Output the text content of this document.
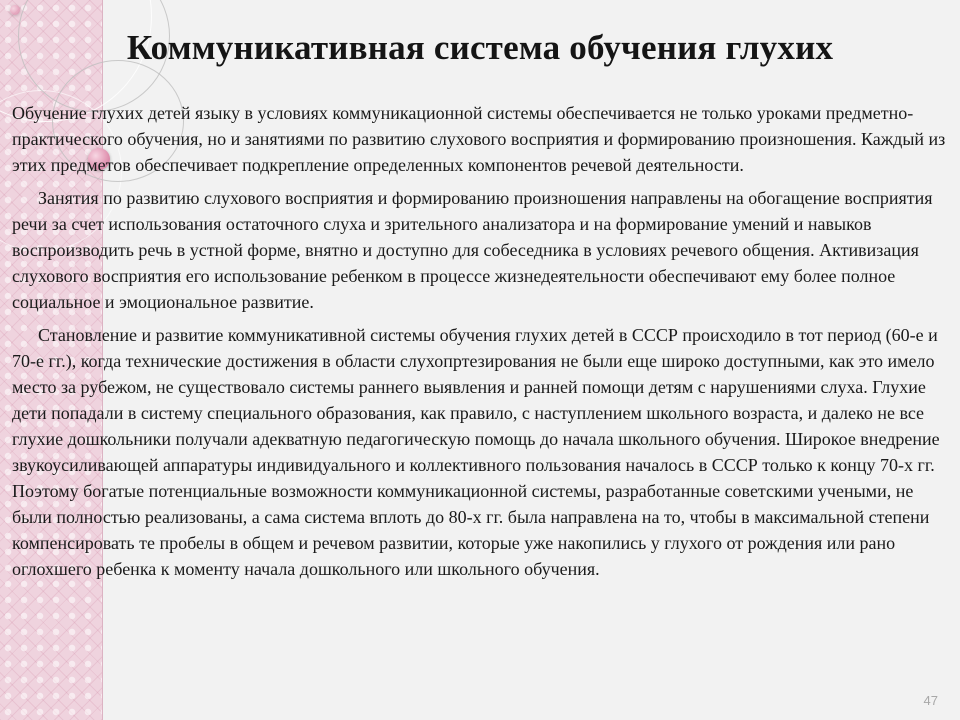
Коммуникативная система обучения глухих

Обучение глухих детей языку в условиях коммуникационной системы обеспечивается не только уроками предметно-практического обучения, но и занятиями по развитию слухового восприятия и формированию произношения. Каждый из этих предметов обеспечивает подкрепление определенных компонентов речевой деятельности.

Занятия по развитию слухового восприятия и формированию произношения направлены на обогащение восприятия речи за счет использования остаточного слуха и зрительного анализатора и на формирование умений и навыков воспроизводить речь в устной форме, внятно и доступно для собеседника в условиях речевого общения. Активизация слухового восприятия его использование ребенком в процессе жизнедеятельности обеспечивают ему более полное социальное и эмоциональное развитие.

Становление и развитие коммуникативной системы обучения глухих детей в СССР происходило в тот период (60-е и 70-е гг.), когда технические достижения в области слухопртезирования не были еще широко доступными, как это имело место за рубежом, не существовало системы раннего выявления и ранней помощи детям с нарушениями слуха. Глухие дети попадали в систему специального образования, как правило, с наступлением школьного возраста, и далеко не все глухие дошкольники получали адекватную педагогическую помощь до начала школьного обучения. Широкое внедрение звукоусиливающей аппаратуры индивидуального и коллективного пользования началось в СССР только к концу 70-х гг. Поэтому богатые потенциальные возможности коммуникационной системы, разработанные советскими учеными, не были полностью реализованы, а сама система вплоть до 80-х гг. была направлена на то, чтобы в максимальной степени компенсировать те пробелы в общем и речевом развитии, которые уже накопились у глухого от рождения или рано оглохшего ребенка к моменту начала дошкольного или школьного обучения.

47
